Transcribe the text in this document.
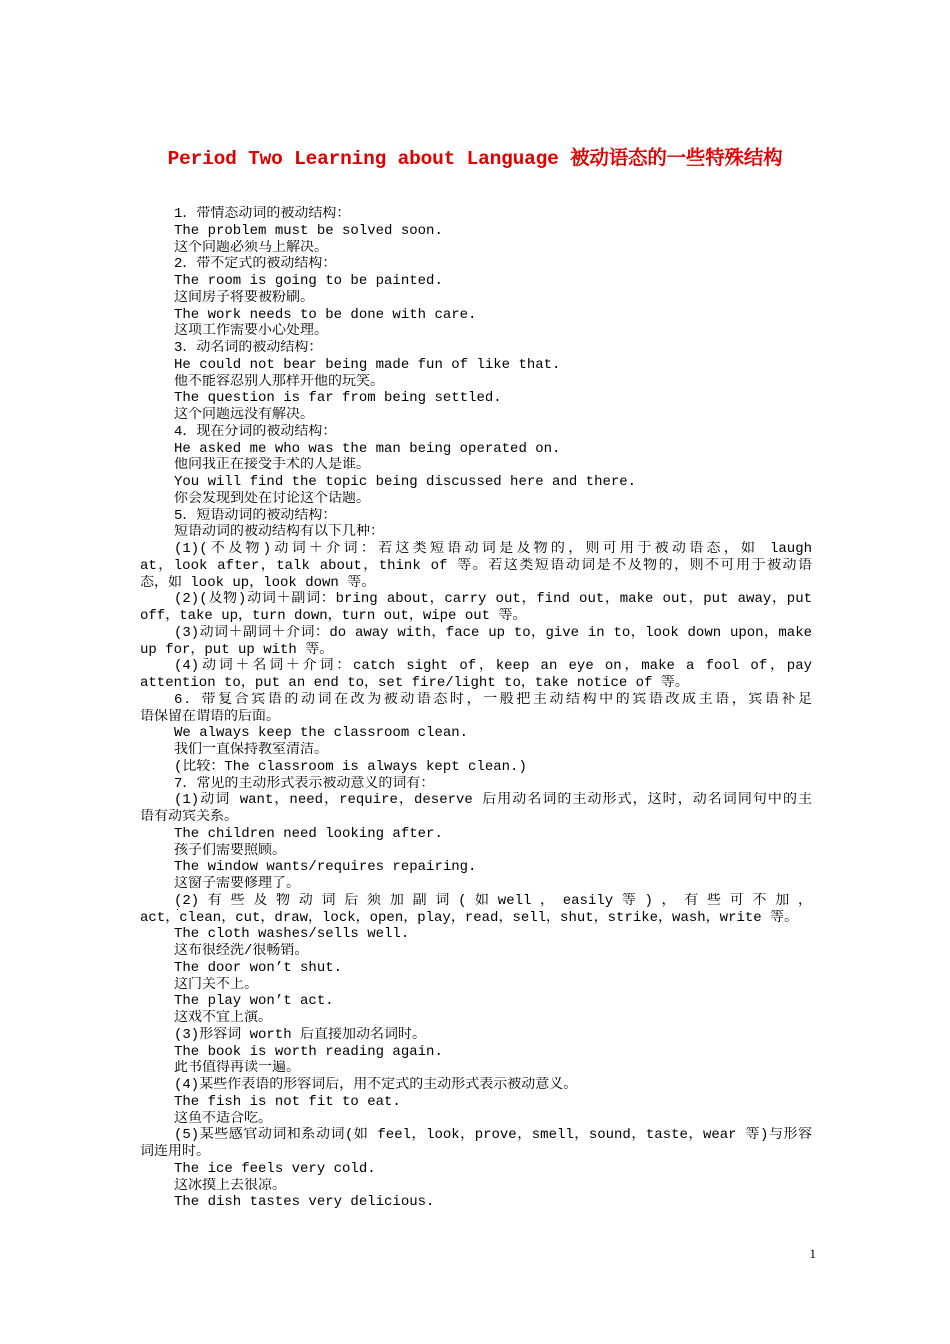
Period Two Learning about Language 被动语态的一些特殊结构
1．带情态动词的被动结构：
The problem must be solved soon.
这个问题必须马上解决。
2．带不定式的被动结构：
The room is going to be painted.
这间房子将要被粉刷。
The work needs to be done with care.
这项工作需要小心处理。
3．动名词的被动结构：
He could not bear being made fun of like that.
他不能容忍别人那样开他的玩笑。
The question is far from being settled.
这个问题远没有解决。
4．现在分词的被动结构：
He asked me who was the man being operated on.
他问我正在接受手术的人是谁。
You will find the topic being discussed here and there.
你会发现到处在讨论这个话题。
5．短语动词的被动结构：
短语动词的被动结构有以下几种：
(1)(不及物)动词＋介词：若这类短语动词是及物的，则可用于被动语态，如 laugh
at，look after，talk about，think of 等。若这类短语动词是不及物的，则不可用于被动语
态，如 look up，look down 等。
(2)(及物)动词＋副词：bring about，carry out，find out，make out，put away，put
off，take up，turn down，turn out，wipe out 等。
(3)动词＋副词＋介词：do away with，face up to，give in to，look down upon，make
up for，put up with 等。
(4)动词＋名词＋介词：catch sight of，keep an eye on，make a fool of，pay
attention to，put an end to，set fire/light to，take notice of 等。
6．带复合宾语的动词在改为被动语态时，一般把主动结构中的宾语改成主语，宾语补足
语保留在谓语的后面。
We always keep the classroom clean.
我们一直保持教室清洁。
(比较：The classroom is always kept clean.)
7．常见的主动形式表示被动意义的词有：
(1)动词 want，need，require，deserve 后用动名词的主动形式，这时，动名词同句中的主
语有动宾关系。
The children need looking after.
孩子们需要照顾。
The window wants/requires repairing.
这窗子需要修理了。
(2) 有 些 及 物 动 词 后 须 加 副 词 ( 如 well ， easily 等 ) ， 有 些 可 不 加 ，
act，clean，cut，draw，lock，open，play，read，sell，shut，strike，wash，write 等。
The cloth washes/sells well.
这布很经洗/很畅销。
The door won’t shut.
这门关不上。
The play won’t act.
这戏不宜上演。
(3)形容词 worth 后直接加动名词时。
The book is worth reading again.
此书值得再读一遍。
(4)某些作表语的形容词后，用不定式的主动形式表示被动意义。
The fish is not fit to eat.
这鱼不适合吃。
(5)某些感官动词和系动词(如 feel，look，prove，smell，sound，taste，wear 等)与形容
词连用时。
The ice feels very cold.
这冰摸上去很凉。
The dish tastes very delicious.
1
